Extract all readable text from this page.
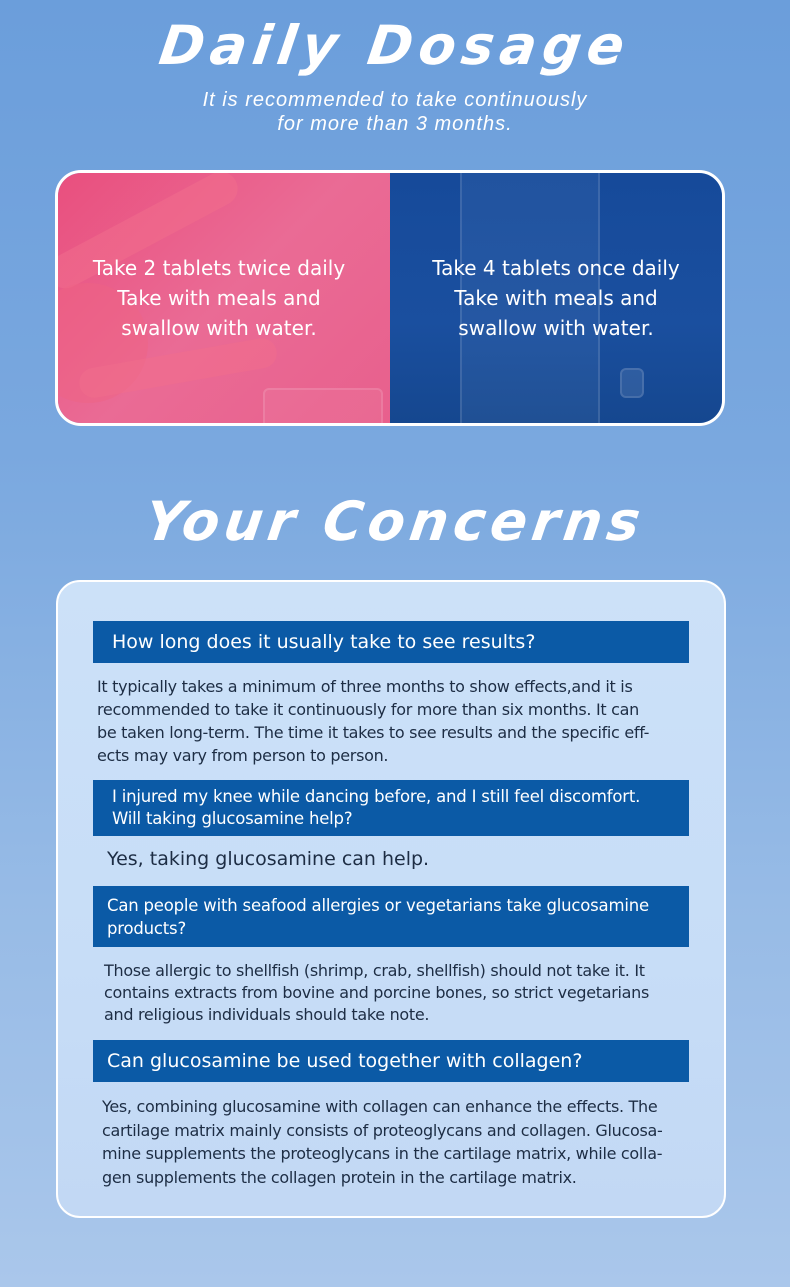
Daily Dosage
It is recommended to take continuously
for more than 3 months.
Take 2 tablets twice daily
Take with meals and
swallow with water.
Take 4 tablets once daily
Take with meals and
swallow with water.
Your Concerns
How long does it usually take to see results?
It typically takes a minimum of three months to show effects,and it is
recommended to take it continuously for more than six months. It can
be taken long-term. The time it takes to see results and the specific eff-
ects may vary from person to person.
I injured my knee while dancing before, and I still feel discomfort.
Will taking glucosamine help?
Yes, taking glucosamine can help.
Can people with seafood allergies or vegetarians take glucosamine
products?
Those allergic to shellfish (shrimp, crab, shellfish) should not take it. It
contains extracts from bovine and porcine bones, so strict vegetarians
and religious individuals should take note.
Can glucosamine be used together with collagen?
Yes, combining glucosamine with collagen can enhance the effects. The
cartilage matrix mainly consists of proteoglycans and collagen. Glucosa-
mine supplements the proteoglycans in the cartilage matrix, while colla-
gen supplements the collagen protein in the cartilage matrix.
